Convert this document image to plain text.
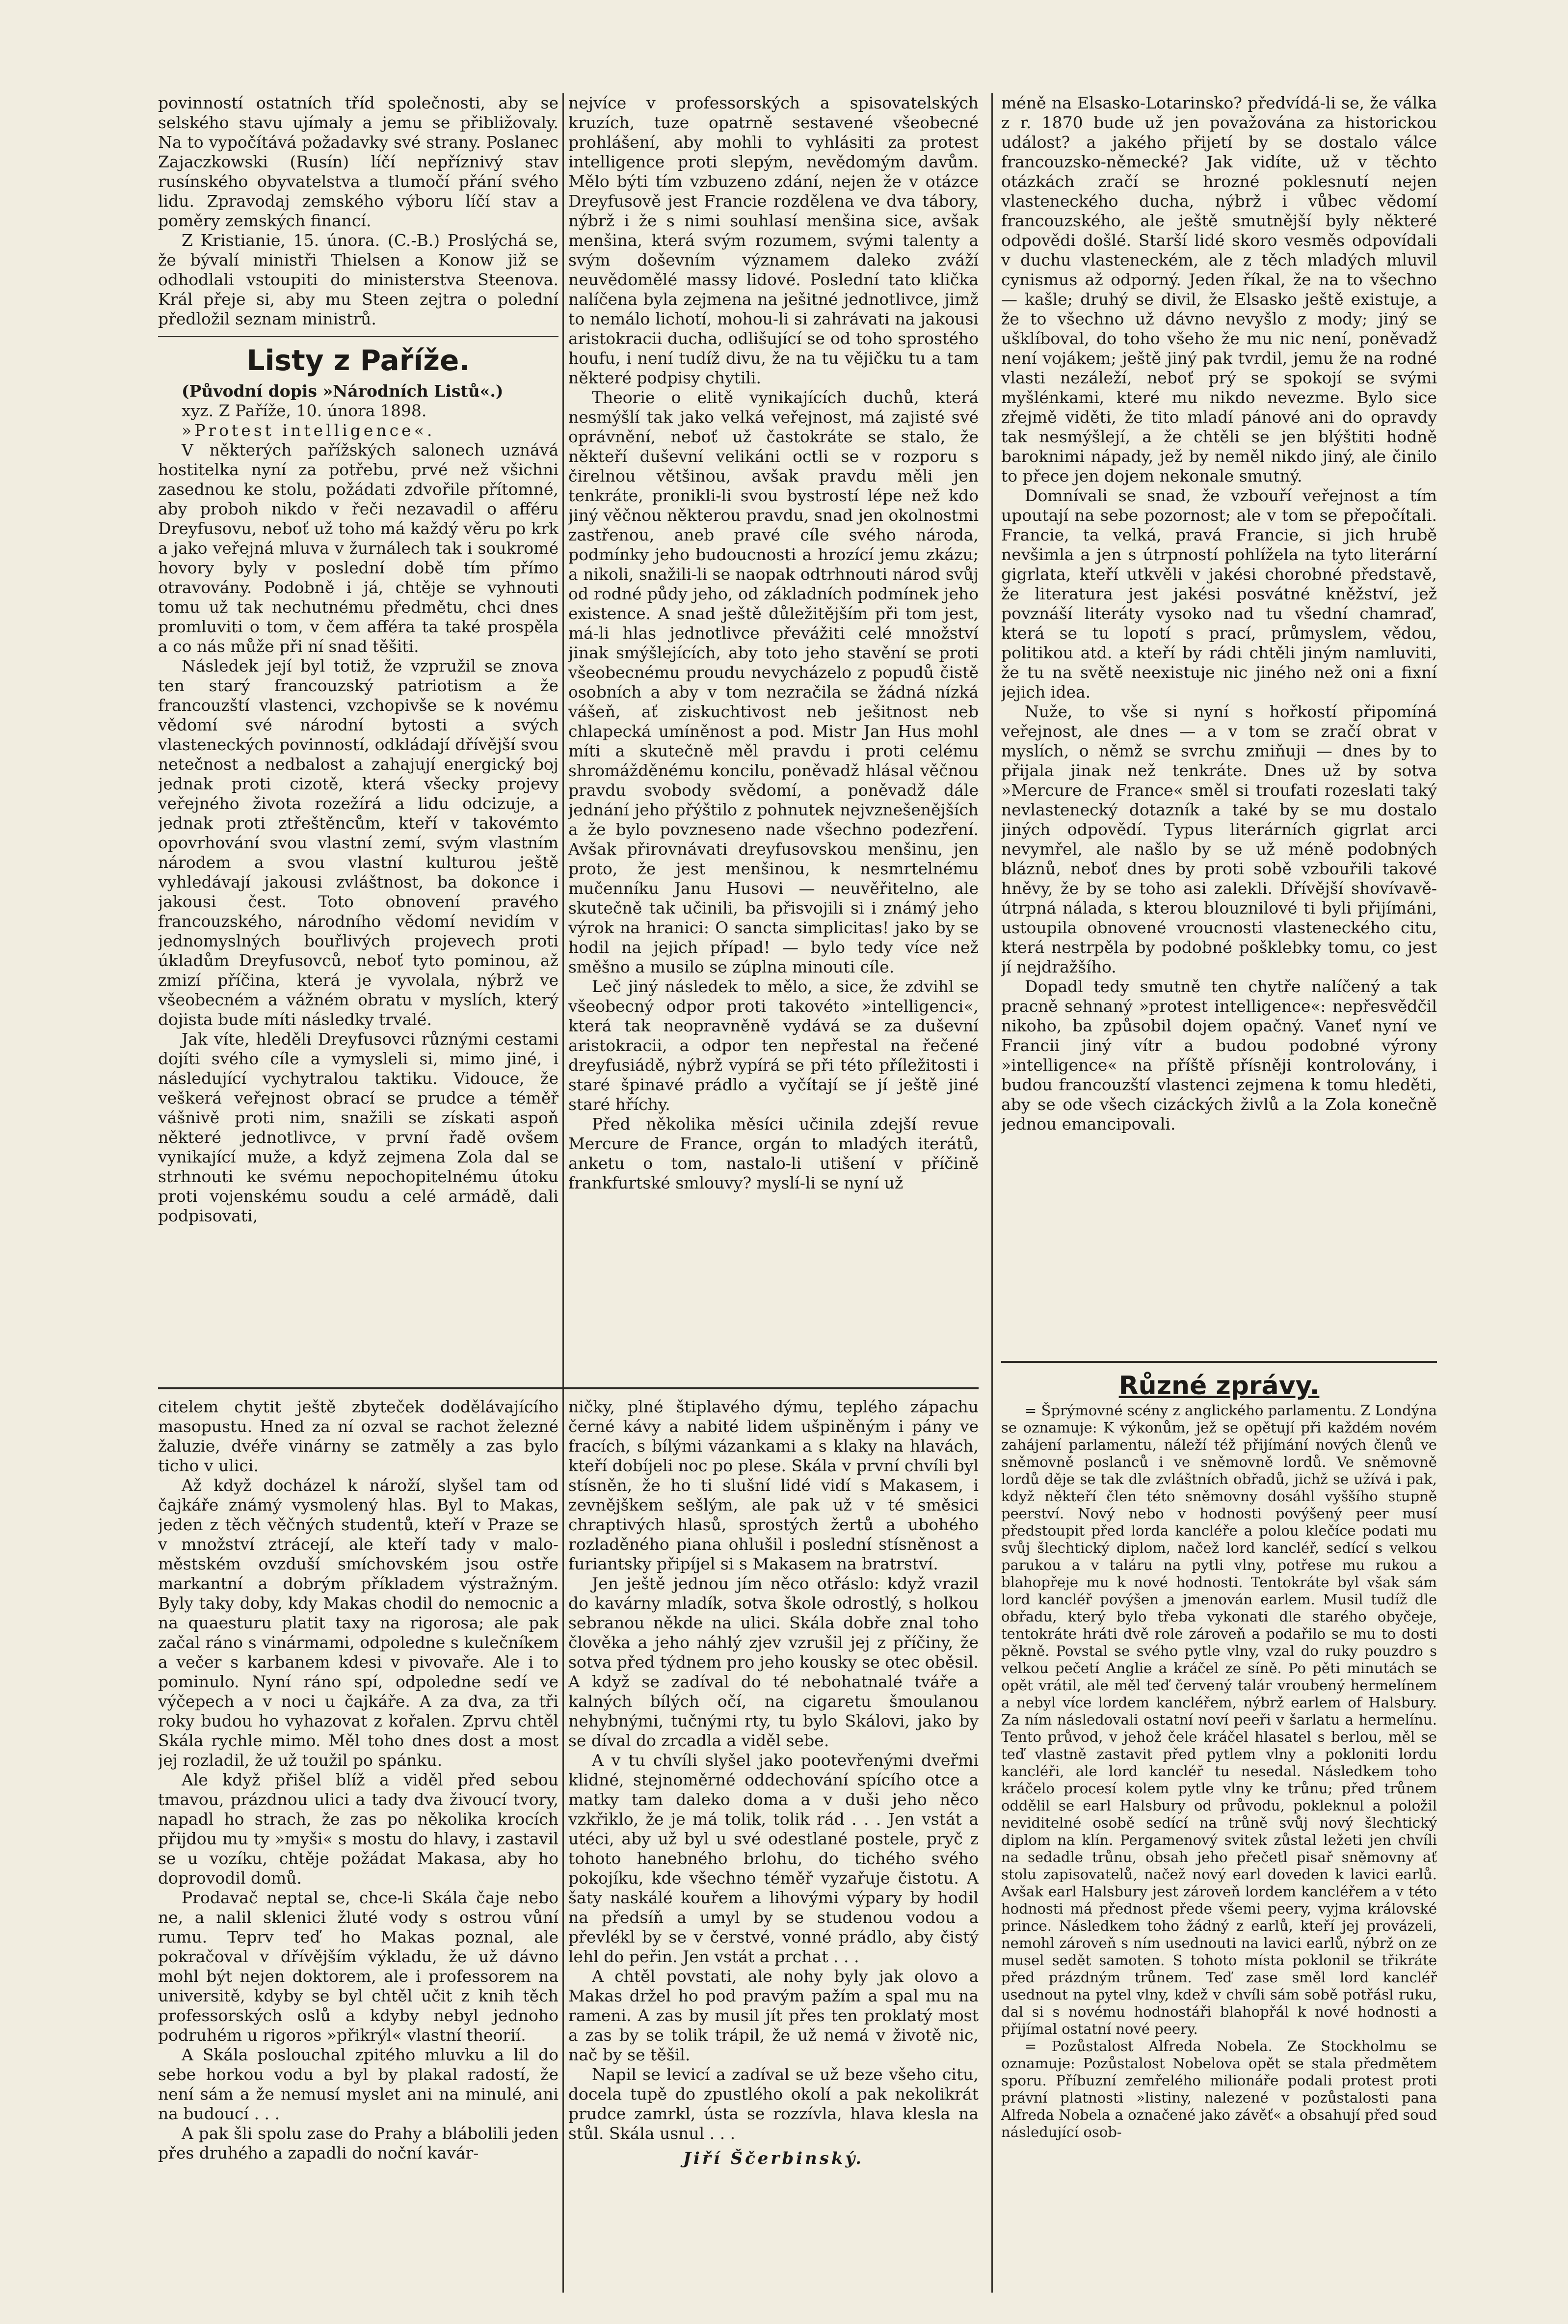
povinností ostatních tříd společnosti, aby se selského stavu ujímaly a jemu se přibližovaly. Na to vypočítává požadavky své strany. Poslanec Zajaczkowski (Rusín) líčí nepříznivý stav rusínského obyvatelstva a tlumočí přání svého lidu. Zpravodaj zemského výboru líčí stav a poměry zemských financí.

Z Kristianie, 15. února. (C.-B.) Proslýchá se, že bývalí ministři Thielsen a Konow již se odhodlali vstoupiti do ministerstva Steenova. Král přeje si, aby mu Steen zejtra o polední předložil seznam ministrů.

Listy z Paříže.

(Původní dopis »Národních Listů«.)

xyz. Z Paříže, 10. února 1898.

»Protest intelligence«.

V některých pařížských salonech uznává hostitelka nyní za potřebu, prvé než všichni zasednou ke stolu, požádati zdvořile přítomné, aby proboh nikdo v řeči nezavadil o afféru Dreyfusovu, neboť už toho má každý věru po krk a jako veřejná mluva v žurnálech tak i soukromé hovory byly v poslední době tím přímo otravovány. Podobně i já, chtěje se vyhnouti tomu už tak nechutnému předmětu, chci dnes promluviti o tom, v čem afféra ta také prospěla a co nás může při ní snad těšiti.

Následek její byl totiž, že vzpružil se znova ten starý francouzský patriotism a že francouzští vlastenci, vzchopivše se k novému vědomí své národní bytosti a svých vlasteneckých povinností, odkládají dřívější svou netečnost a nedbalost a zahajují energický boj jednak proti cizotě, která všecky projevy veřejného života rozežírá a lidu odcizuje, a jednak proti ztřeštěncům, kteří v takovémto opovrhování svou vlastní zemí, svým vlastním národem a svou vlastní kulturou ještě vyhledávají jakousi zvláštnost, ba dokonce i jakousi čest. Toto obnovení pravého francouzského, národního vědomí nevidím v jednomyslných bouřlivých projevech proti úkladům Dreyfusovců, neboť tyto pominou, až zmizí příčina, která je vyvolala, nýbrž ve všeobecném a vážném obratu v myslích, který dojista bude míti následky trvalé.

Jak víte, hleděli Dreyfusovci různými cestami dojíti svého cíle a vymysleli si, mimo jiné, i následující vychytralou taktiku. Vidouce, že veškerá veřejnost obrací se prudce a téměř vášnivě proti nim, snažili se získati aspoň některé jednotlivce, v první řadě ovšem vynikající muže, a když zejmena Zola dal se strhnouti ke svému nepochopitelnému útoku proti vojenskému soudu a celé armádě, dali podpisovati,

nejvíce v professorských a spisovatelských kruzích, tuze opatrně sestavené všeobecné prohlášení, aby mohli to vyhlásiti za protest intelligence proti slepým, nevědomým davům. Mělo býti tím vzbuzeno zdání, nejen že v otázce Dreyfusově jest Francie rozdělena ve dva tábory, nýbrž i že s nimi souhlasí menšina sice, avšak menšina, která svým rozumem, svými talenty a svým doševním významem daleko zváží neuvědomělé massy lidové. Poslední tato klička nalíčena byla zejmena na ješitné jednotlivce, jimž to nemálo lichotí, mohou-li si zahrávati na jakousi aristokracii ducha, odlišující se od toho sprostého houfu, i není tudíž divu, že na tu vějičku tu a tam některé podpisy chytili.

Theorie o elitě vynikajících duchů, která nesmýšlí tak jako velká veřejnost, má zajisté své oprávnění, neboť už častokráte se stalo, že někteří duševní velikáni octli se v rozporu s čirelnou většinou, avšak pravdu měli jen tenkráte, pronikli-li svou bystrostí lépe než kdo jiný věčnou některou pravdu, snad jen okolnostmi zastřenou, aneb pravé cíle svého národa, podmínky jeho budoucnosti a hrozící jemu zkázu; a nikoli, snažili-li se naopak odtrhnouti národ svůj od rodné půdy jeho, od základních podmínek jeho existence. A snad ještě důležitějším při tom jest, má-li hlas jednotlivce převážiti celé množství jinak smýšlejících, aby toto jeho stavění se proti všeobecnému proudu nevycházelo z popudů čistě osobních a aby v tom nezračila se žádná nízká vášeň, ať ziskuchtivost neb ješitnost neb chlapecká umíněnost a pod. Mistr Jan Hus mohl míti a skutečně měl pravdu i proti celému shromážděnému koncilu, poněvadž hlásal věčnou pravdu svobody svědomí, a poněvadž dále jednání jeho přýštilo z pohnutek nejvznešenějších a že bylo povzneseno nade všechno podezření. Avšak přirovnávati dreyfusovskou menšinu, jen proto, že jest menšinou, k nesmrtelnému mučenníku Janu Husovi — neuvěřitelno, ale skutečně tak učinili, ba přisvojili si i známý jeho výrok na hranici: O sancta simplicitas! jako by se hodil na jejich případ! — bylo tedy více než směšno a musilo se zúplna minouti cíle.

Leč jiný následek to mělo, a sice, že zdvihl se všeobecný odpor proti takovéto »intelligenci«, která tak neopravněně vydává se za duševní aristokracii, a odpor ten nepřestal na řečené dreyfusiádě, nýbrž vypírá se při této příležitosti i staré špinavé prádlo a vyčítají se jí ještě jiné staré hříchy.

Před několika měsíci učinila zdejší revue Mercure de France, orgán to mladých iterátů, anketu o tom, nastalo-li utišení v příčině frankfurtské smlouvy? myslí-li se nyní už

méně na Elsasko-Lotarinsko? předvídá-li se, že válka z r. 1870 bude už jen považována za historickou událost? a jakého přijetí by se dostalo válce francouzsko-německé? Jak vidíte, už v těchto otázkách zračí se hrozné poklesnutí nejen vlasteneckého ducha, nýbrž i vůbec vědomí francouzského, ale ještě smutnější byly některé odpovědi došlé. Starší lidé skoro vesměs odpovídali v duchu vlasteneckém, ale z těch mladých mluvil cynismus až odporný. Jeden říkal, že na to všechno — kašle; druhý se divil, že Elsasko ještě existuje, a že to všechno už dávno nevyšlo z mody; jiný se ušklíboval, do toho všeho že mu nic není, poněvadž není vojákem; ještě jiný pak tvrdil, jemu že na rodné vlasti nezáleží, neboť prý se spokojí se svými myšlénkami, které mu nikdo nevezme. Bylo sice zřejmě viděti, že tito mladí pánové ani do opravdy tak nesmýšlejí, a že chtěli se jen blýštiti hodně baroknimi nápady, jež by neměl nikdo jiný, ale činilo to přece jen dojem nekonale smutný.

Domnívali se snad, že vzbouří veřejnost a tím upoutají na sebe pozornost; ale v tom se přepočítali. Francie, ta velká, pravá Francie, si jich hrubě nevšimla a jen s útrpností pohlížela na tyto literární gigrlata, kteří utkvěli v jakési chorobné představě, že literatura jest jakési posvátné kněžství, jež povznáší literáty vysoko nad tu všední chamraď, která se tu lopotí s prací, průmyslem, vědou, politikou atd. a kteří by rádi chtěli jiným namluviti, že tu na světě neexistuje nic jiného než oni a fixní jejich idea.

Nuže, to vše si nyní s hořkostí připomíná veřejnost, ale dnes — a v tom se zračí obrat v myslích, o němž se svrchu zmiňuji — dnes by to přijala jinak než tenkráte. Dnes už by sotva »Mercure de France« směl si troufati rozeslati taký nevlastenecký dotazník a také by se mu dostalo jiných odpovědí. Typus literárních gigrlat arci nevymřel, ale našlo by se už méně podobných bláznů, neboť dnes by proti sobě vzbouřili takové hněvy, že by se toho asi zalekli. Dřívější shovívavě-útrpná nálada, s kterou blouznilové ti byli přijímáni, ustoupila obnovené vroucnosti vlasteneckého citu, která nestrpěla by podobné pošklebky tomu, co jest jí nejdražšího.

Dopadl tedy smutně ten chytře nalíčený a tak pracně sehnaný »protest intelligence«: nepřesvědčil nikoho, ba způsobil dojem opačný. Vaneť nyní ve Francii jiný vítr a budou podobné výrony »intelligence« na příště přísněji kontrolovány, i budou francouzští vlastenci zejmena k tomu hleděti, aby se ode všech cizáckých živlů a la Zola konečně jednou emancipovali.

citelem chytit ještě zbyteček dodělávajícího masopustu. Hned za ní ozval se rachot železné žaluzie, dvéře vinárny se zatměly a zas bylo ticho v ulici.

Až když docházel k nároží, slyšel tam od čajkáře známý vysmolený hlas. Byl to Makas, jeden z těch věčných studentů, kteří v Praze se v množství ztrácejí, ale kteří tady v malo-městském ovzduší smíchovském jsou ostře markantní a dobrým příkladem výstražným. Byly taky doby, kdy Makas chodil do nemocnic a na quaesturu platit taxy na rigorosa; ale pak začal ráno s vinármami, odpoledne s kulečníkem a večer s karbanem kdesi v pivovaře. Ale i to pominulo. Nyní ráno spí, odpoledne sedí ve výčepech a v noci u čajkáře. A za dva, za tři roky budou ho vyhazovat z kořalen. Zprvu chtěl Skála rychle mimo. Měl toho dnes dost a most jej rozladil, že už toužil po spánku.

Ale když přišel blíž a viděl před sebou tmavou, prázdnou ulici a tady dva živoucí tvory, napadl ho strach, že zas po několika krocích přijdou mu ty »myši« s mostu do hlavy, i zastavil se u vozíku, chtěje požádat Makasa, aby ho doprovodil domů.

Prodavač neptal se, chce-li Skála čaje nebo ne, a nalil sklenici žluté vody s ostrou vůní rumu. Teprv teď ho Makas poznal, ale pokračoval v dřívějším výkladu, že už dávno mohl být nejen doktorem, ale i professorem na universitě, kdyby se byl chtěl učit z knih těch professorských oslů a kdyby nebyl jednoho podruhém u rigoros »přikrýl« vlastní theorií.

A Skála poslouchal zpitého mluvku a lil do sebe horkou vodu a byl by plakal radostí, že není sám a že nemusí myslet ani na minulé, ani na budoucí . . .

A pak šli spolu zase do Prahy a blábolili jeden přes druhého a zapadli do noční kavár-

ničky, plné štiplavého dýmu, teplého zápachu černé kávy a nabité lidem ušpiněným i pány ve fracích, s bílými vázankami a s klaky na hlavách, kteří dobíjeli noc po plese. Skála v první chvíli byl stísněn, že ho ti slušní lidé vidí s Makasem, i zevnějškem sešlým, ale pak už v té směsici chraptivých hlasů, sprostých žertů a ubohého rozladěného piana ohlušil i poslední stísněnost a furiantsky připíjel si s Makasem na bratrství.

Jen ještě jednou jím něco otřáslo: když vrazil do kavárny mladík, sotva škole odrostlý, s holkou sebranou někde na ulici. Skála dobře znal toho člověka a jeho náhlý zjev vzrušil jej z příčiny, že sotva před týdnem pro jeho kousky se otec oběsil. A když se zadíval do té nebohatnalé tváře a kalných bílých očí, na cigaretu šmoulanou nehybnými, tučnými rty, tu bylo Skálovi, jako by se díval do zrcadla a viděl sebe.

A v tu chvíli slyšel jako pootevřenými dveřmi klidné, stejnoměrné oddechování spícího otce a matky tam daleko doma a v duši jeho něco vzkřiklo, že je má tolik, tolik rád . . . Jen vstát a utéci, aby už byl u své odestlané postele, pryč z tohoto hanebného brlohu, do tichého svého pokojíku, kde všechno téměř vyzařuje čistotu. A šaty naskálé kouřem a lihovými výpary by hodil na předsíň a umyl by se studenou vodou a převlékl by se v čerstvé, vonné prádlo, aby čistý lehl do peřin. Jen vstát a prchat . . .

A chtěl povstati, ale nohy byly jak olovo a Makas držel ho pod pravým pažím a spal mu na rameni. A zas by musil jít přes ten proklatý most a zas by se tolik trápil, že už nemá v životě nic, nač by se těšil.

Napil se levicí a zadíval se už beze všeho citu, docela tupě do zpustlého okolí a pak nekolikrát prudce zamrkl, ústa se rozzívla, hlava klesla na stůl. Skála usnul . . .

Jiří Ščerbinský.
Různé zprávy.

= Šprýmovné scény z anglického parlamentu. Z Londýna se oznamuje: K výkonům, jež se opětují při každém novém zahájení parlamentu, náleží též přijímání nových členů ve sněmovně poslanců i ve sněmovně lordů. Ve sněmovně lordů děje se tak dle zvláštních obřadů, jichž se užívá i pak, když někteří člen této sněmovny dosáhl vyššího stupně peerství. Nový nebo v hodnosti povýšený peer musí předstoupit před lorda kancléře a polou klečíce podati mu svůj šlechtický diplom, načež lord kancléř, sedící s velkou parukou a v taláru na pytli vlny, potřese mu rukou a blahopřeje mu k nové hodnosti. Tentokráte byl však sám lord kancléř povýšen a jmenován earlem. Musil tudíž dle obřadu, který bylo třeba vykonati dle starého obyčeje, tentokráte hráti dvě role zároveň a podařilo se mu to dosti pěkně. Povstal se svého pytle vlny, vzal do ruky pouzdro s velkou pečetí Anglie a kráčel ze síně. Po pěti minutách se opět vrátil, ale měl teď červený talár vroubený hermelínem a nebyl více lordem kancléřem, nýbrž earlem of Halsbury. Za ním následovali ostatní noví peeři v šarlatu a hermelínu. Tento průvod, v jehož čele kráčel hlasatel s berlou, měl se teď vlastně zastavit před pytlem vlny a pokloniti lordu kancléři, ale lord kancléř tu nesedal. Následkem toho kráčelo procesí kolem pytle vlny ke trůnu; před trůnem oddělil se earl Halsbury od průvodu, pokleknul a položil neviditelné osobě sedící na trůně svůj nový šlechtický diplom na klín. Pergamenový svitek zůstal ležeti jen chvíli na sedadle trůnu, obsah jeho přečetl pisař sněmovny ať stolu zapisovatelů, načež nový earl doveden k lavici earlů. Avšak earl Halsbury jest zároveň lordem kancléřem a v této hodnosti má přednost přede všemi peery, vyjma královské prince. Následkem toho žádný z earlů, kteří jej provázeli, nemohl zároveň s ním usednouti na lavici earlů, nýbrž on ze musel sedět samoten. S tohoto místa poklonil se třikráte před prázdným trůnem. Teď zase směl lord kancléř usednout na pytel vlny, kdež v chvíli sám sobě potřásl ruku, dal si s novému hodnostáři blahopřál k nové hodnosti a přijímal ostatní nové peery.

= Pozůstalost Alfreda Nobela. Ze Stockholmu se oznamuje: Pozůstalost Nobelova opět se stala předmětem sporu. Příbuzní zemřelého milionáře podali protest proti právní platnosti »listiny, nalezené v pozůstalosti pana Alfreda Nobela a označené jako závěť« a obsahují před soud následující osob-
